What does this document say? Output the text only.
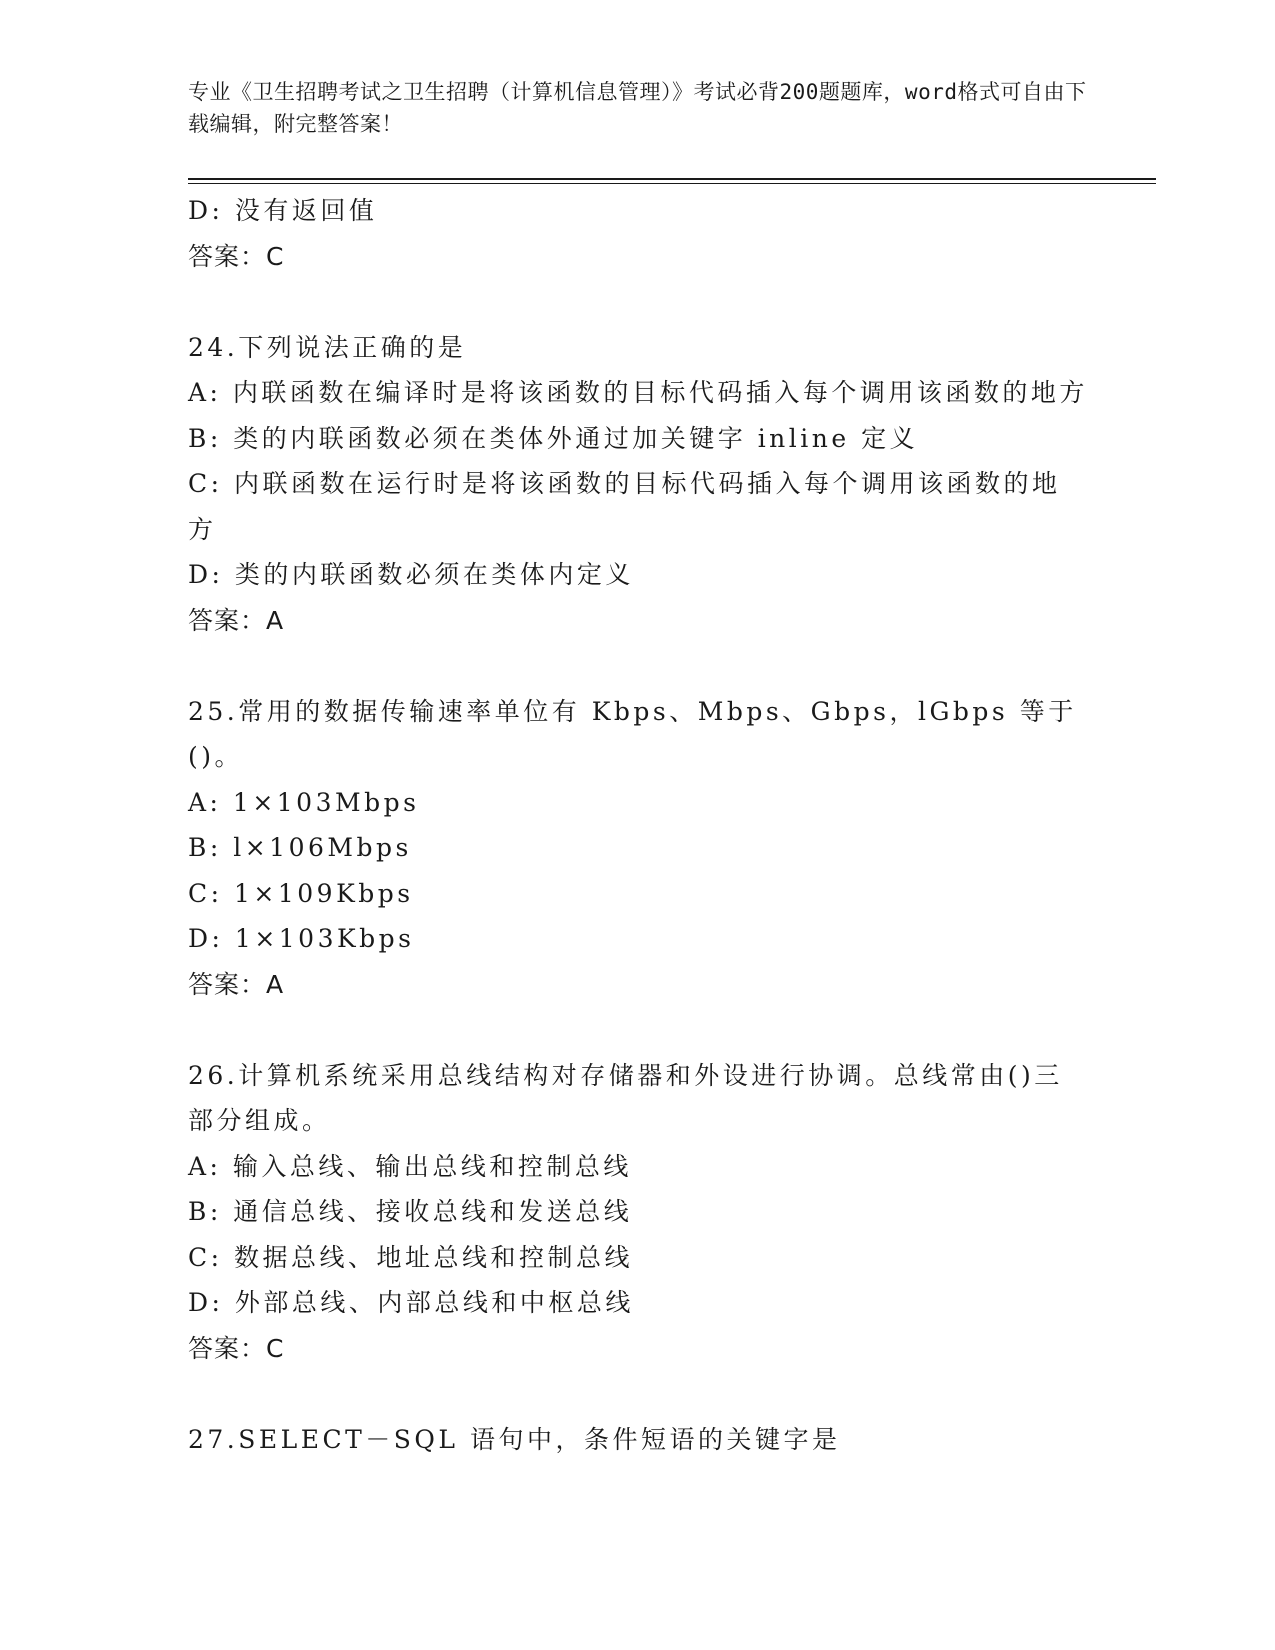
专业《卫生招聘考试之卫生招聘（计算机信息管理）》考试必背200题题库，word格式可自由下载编辑，附完整答案！
D: 没有返回值
答案：C
24.下列说法正确的是
A: 内联函数在编译时是将该函数的目标代码插入每个调用该函数的地方
B: 类的内联函数必须在类体外通过加关键字 inline 定义
C: 内联函数在运行时是将该函数的目标代码插入每个调用该函数的地方
D: 类的内联函数必须在类体内定义
答案：A
25.常用的数据传输速率单位有 Kbps、Mbps、Gbps，lGbps 等于()。
A: 1×103Mbps
B: l×106Mbps
C: 1×109Kbps
D: 1×103Kbps
答案：A
26.计算机系统采用总线结构对存储器和外设进行协调。总线常由()三部分组成。
A: 输入总线、输出总线和控制总线
B: 通信总线、接收总线和发送总线
C: 数据总线、地址总线和控制总线
D: 外部总线、内部总线和中枢总线
答案：C
27.SELECT－SQL 语句中，条件短语的关键字是
